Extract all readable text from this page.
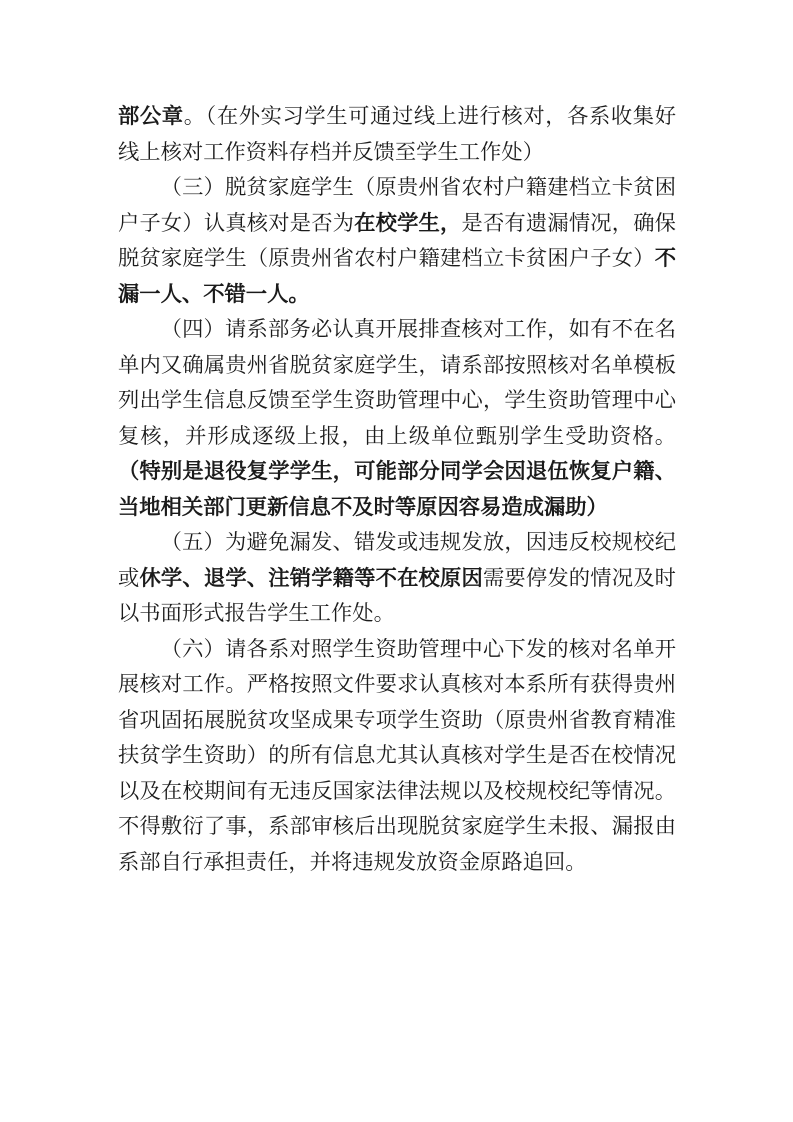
部公章。（在外实习学生可通过线上进行核对，各系收集好线上核对工作资料存档并反馈至学生工作处）

（三）脱贫家庭学生（原贵州省农村户籍建档立卡贫困户子女）认真核对是否为在校学生，是否有遗漏情况，确保脱贫家庭学生（原贵州省农村户籍建档立卡贫困户子女）不漏一人、不错一人。

（四）请系部务必认真开展排查核对工作，如有不在名单内又确属贵州省脱贫家庭学生，请系部按照核对名单模板列出学生信息反馈至学生资助管理中心，学生资助管理中心复核，并形成逐级上报，由上级单位甄别学生受助资格。（特别是退役复学学生，可能部分同学会因退伍恢复户籍、当地相关部门更新信息不及时等原因容易造成漏助）

（五）为避免漏发、错发或违规发放，因违反校规校纪或休学、退学、注销学籍等不在校原因需要停发的情况及时以书面形式报告学生工作处。

（六）请各系对照学生资助管理中心下发的核对名单开展核对工作。严格按照文件要求认真核对本系所有获得贵州省巩固拓展脱贫攻坚成果专项学生资助（原贵州省教育精准扶贫学生资助）的所有信息尤其认真核对学生是否在校情况以及在校期间有无违反国家法律法规以及校规校纪等情况。不得敷衍了事，系部审核后出现脱贫家庭学生未报、漏报由系部自行承担责任，并将违规发放资金原路追回。
